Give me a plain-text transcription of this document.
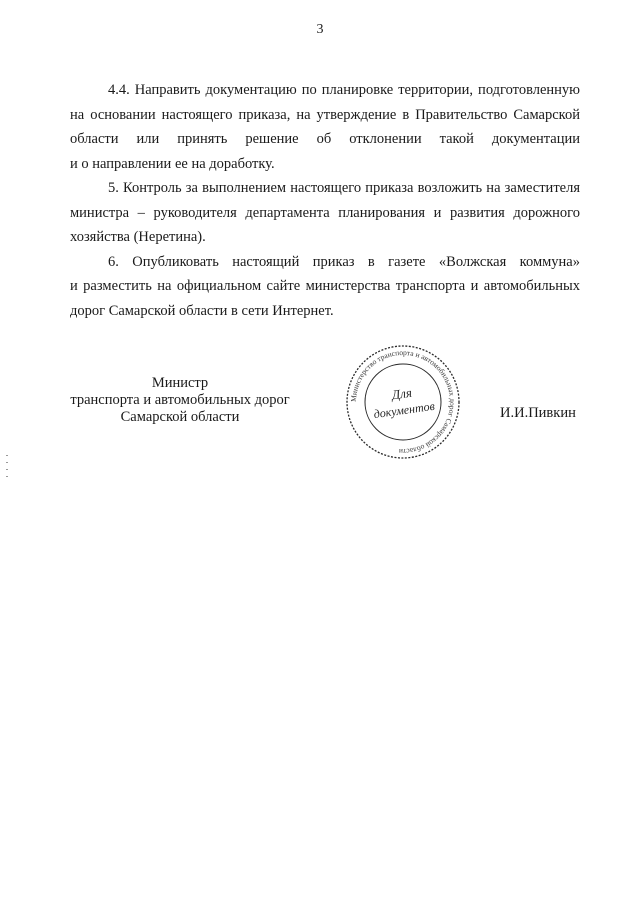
3

4.4. Направить документацию по планировке территории, подготовленную
на основании настоящего приказа, на утверждение в Правительство Самарской
области или принять решение об отклонении такой документации
и о направлении ее на доработку.

5. Контроль за выполнением настоящего приказа возложить на заместителя
министра – руководителя департамента планирования и развития дорожного
хозяйства (Неретина).

6. Опубликовать настоящий приказ в газете «Волжская коммуна»
и разместить на официальном сайте министерства транспорта и автомобильных
дорог Самарской области в сети Интернет.

Министр
транспорта и автомобильных дорог
Самарской области
Министерство транспорта и автомобильных дорог Самарской области
Для
документов	И.И.Пивкин
